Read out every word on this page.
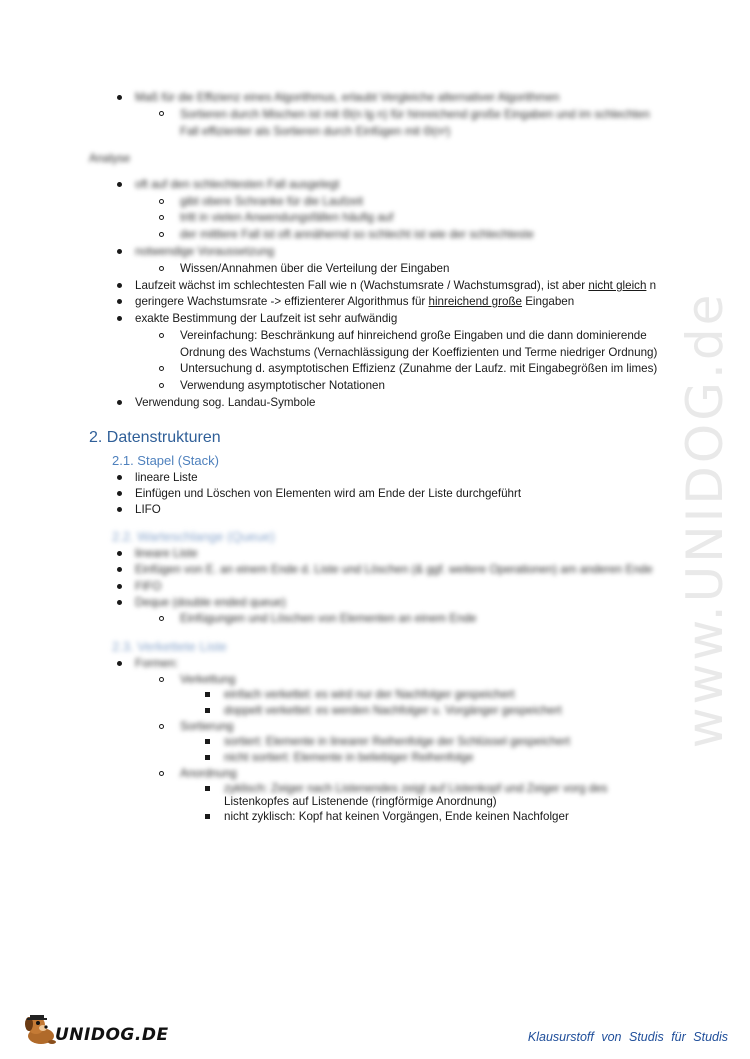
www.UNIDOG.de
Maß für die Effizienz eines Algorithmus, erlaubt Vergleiche alternativer Algorithmen
Sortieren durch Mischen ist mit Θ(n lg n) für hinreichend große Eingaben und im schlechten
Fall effizienter als Sortieren durch Einfügen mit Θ(n²)
Analyse
oft auf den schlechtesten Fall ausgelegt
gibt obere Schranke für die Laufzeit
tritt in vielen Anwendungsfällen häufig auf
der mittlere Fall ist oft annähernd so schlecht ist wie der schlechteste
notwendige Voraussetzung
Wissen/Annahmen über die Verteilung der Eingaben
Laufzeit wächst im schlechtesten Fall wie n (Wachstumsrate / Wachstumsgrad), ist aber nicht gleich n
geringere Wachstumsrate -> effizienterer Algorithmus für hinreichend große Eingaben
exakte Bestimmung der Laufzeit ist sehr aufwändig
Vereinfachung: Beschränkung auf hinreichend große Eingaben und die dann dominierende
Ordnung des Wachstums (Vernachlässigung der Koeffizienten und Terme niedriger Ordnung)
Untersuchung d. asymptotischen Effizienz (Zunahme der Laufz. mit Eingabegrößen im limes)
Verwendung asymptotischer Notationen
Verwendung sog. Landau-Symbole
2. Datenstrukturen
2.1. Stapel (Stack)
lineare Liste
Einfügen und Löschen von Elementen wird am Ende der Liste durchgeführt
LIFO
2.2. Warteschlange (Queue)
lineare Liste
Einfügen von E. an einem Ende d. Liste und Löschen (& ggf. weitere Operationen) am anderen Ende
FIFO
Deque (double ended queue)
Einfügungen und Löschen von Elementen an einem Ende
2.3. Verkettete Liste
Formen:
Verkettung
einfach verkettet: es wird nur der Nachfolger gespeichert
doppelt verkettet: es werden Nachfolger u. Vorgänger gespeichert
Sortierung
sortiert: Elemente in linearer Reihenfolge der Schlüssel gespeichert
nicht sortiert: Elemente in beliebiger Reihenfolge
Anordnung
zyklisch: Zeiger nach Listenendes zeigt auf Listenkopf und Zeiger vorg des
Listenkopfes auf Listenende (ringförmige Anordnung)
nicht zyklisch: Kopf hat keinen Vorgängen, Ende keinen Nachfolger
UNIDOG.DE	Klausurstoff von Studis für Studis
